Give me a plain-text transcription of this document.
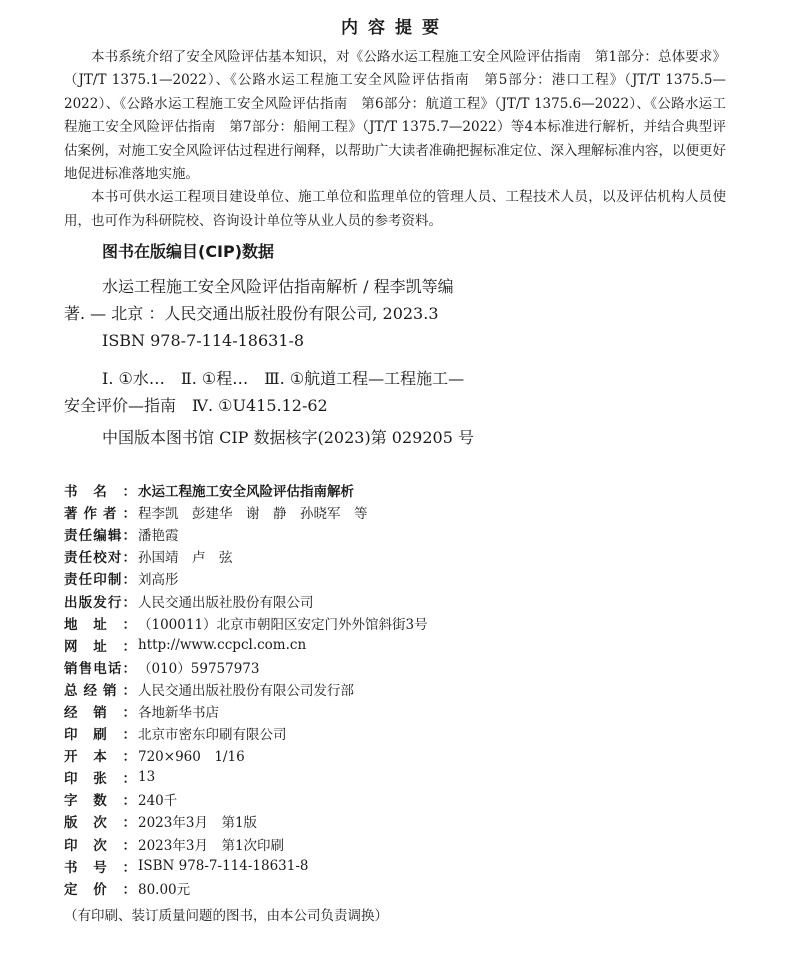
内容提要

本书系统介绍了安全风险评估基本知识，对《公路水运工程施工安全风险评估指南　第1部分：总体要求》（JT/T 1375.1—2022）、《公路水运工程施工安全风险评估指南　第5部分：港口工程》（JT/T 1375.5—2022）、《公路水运工程施工安全风险评估指南　第6部分：航道工程》（JT/T 1375.6—2022）、《公路水运工程施工安全风险评估指南　第7部分：船闸工程》（JT/T 1375.7—2022）等4本标准进行解析，并结合典型评估案例，对施工安全风险评估过程进行阐释，以帮助广大读者准确把握标准定位、深入理解标准内容，以便更好地促进标准落地实施。

本书可供水运工程项目建设单位、施工单位和监理单位的管理人员、工程技术人员，以及评估机构人员使用，也可作为科研院校、咨询设计单位等从业人员的参考资料。

图书在版编目(CIP)数据

水运工程施工安全风险评估指南解析 / 程李凯等编

著. — 北京 ：人民交通出版社股份有限公司, 2023.3

ISBN 978-7-114-18631-8

Ⅰ. ①水…　Ⅱ. ①程…　Ⅲ. ①航道工程—工程施工—

安全评价—指南　Ⅳ. ①U415.12-62

中国版本图书馆 CIP 数据核字(2023)第 029205 号

书 名 ： 水运工程施工安全风险评估指南解析
著 作 者 ： 程李凯　彭建华　谢　静　孙晓军　等
责 任 编 辑 ： 潘艳霞
责 任 校 对 ： 孙国靖　卢　弦
责 任 印 制 ： 刘高彤
出 版 发 行 ： 人民交通出版社股份有限公司
地 址 ： （100011）北京市朝阳区安定门外外馆斜街3号
网 址 ： http://www.ccpcl.com.cn
销 售 电 话 ： （010）59757973
总 经 销 ： 人民交通出版社股份有限公司发行部
经 销 ： 各地新华书店
印 刷 ： 北京市密东印刷有限公司
开 本 ： 720×960　1/16
印 张 ： 13
字 数 ： 240千
版 次 ： 2023年3月　第1版
印 次 ： 2023年3月　第1次印刷
书 号 ： ISBN 978-7-114-18631-8
定 价 ： 80.00元
（有印刷、装订质量问题的图书，由本公司负责调换）
